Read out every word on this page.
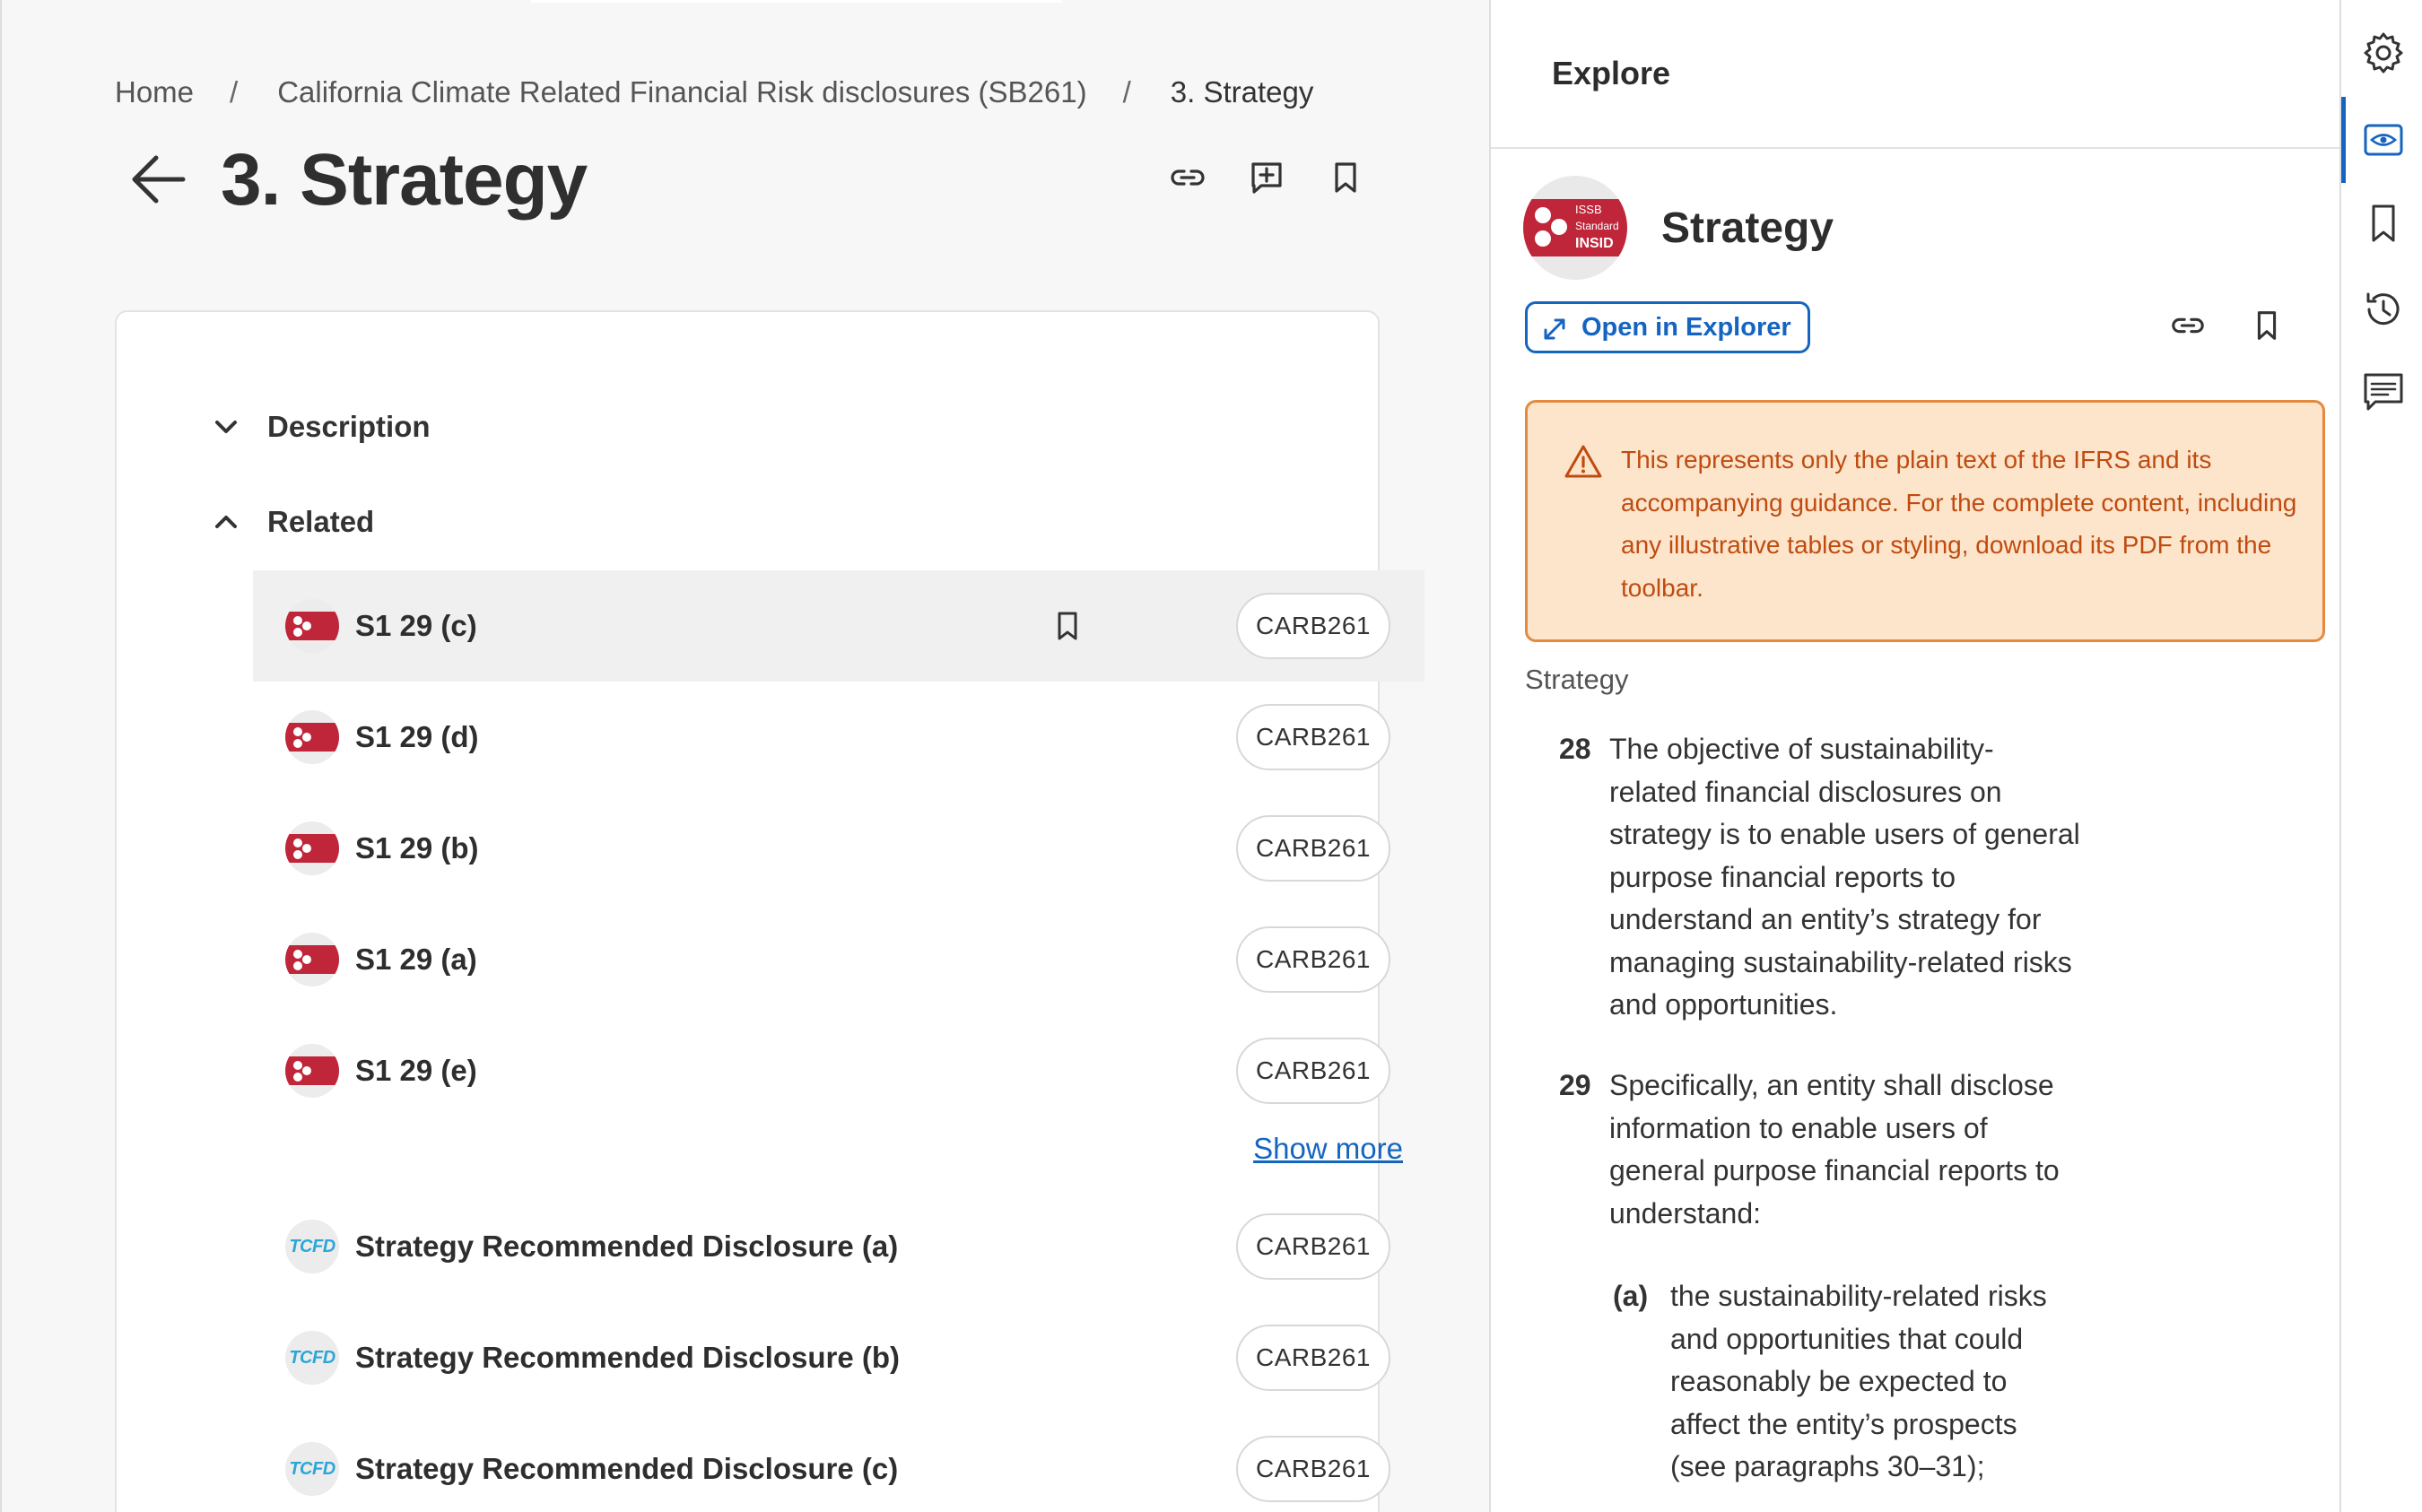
Home / California Climate Related Financial Risk disclosures (SB261) / 3. Strategy
3. Strategy
Description
Related
S1 29 (c)	CARB261
S1 29 (d)	CARB261
S1 29 (b)	CARB261
S1 29 (a)	CARB261
S1 29 (e)	CARB261
Show more
TCFD Strategy Recommended Disclosure (a)	CARB261
TCFD Strategy Recommended Disclosure (b)	CARB261
TCFD Strategy Recommended Disclosure (c)	CARB261
Explore
ISSB
Standard
INSID Strategy
Open in Explorer

This represents only the plain text of the IFRS and its accompanying guidance. For the complete content, including any illustrative tables or styling, download its PDF from the toolbar.

Strategy
28 The objective of sustainability-
related financial disclosures on
strategy is to enable users of general
purpose financial reports to
understand an entity’s strategy for
managing sustainability-related risks
and opportunities.
29 Specifically, an entity shall disclose
information to enable users of
general purpose financial reports to
understand:
(a) the sustainability-related risks
and opportunities that could
reasonably be expected to
affect the entity’s prospects
(see paragraphs 30–31);
